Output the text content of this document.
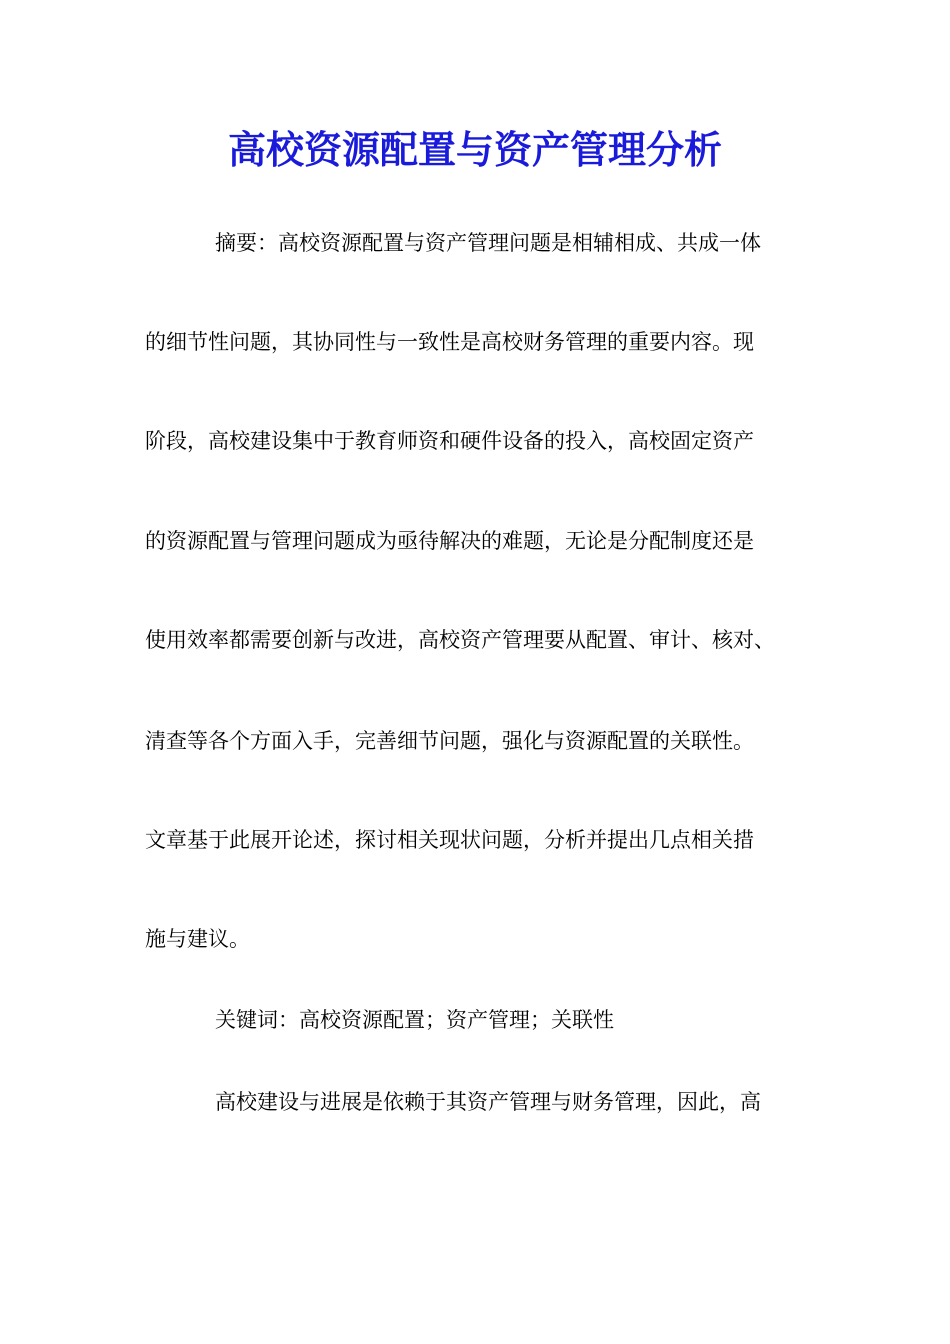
高校资源配置与资产管理分析
摘要：高校资源配置与资产管理问题是相辅相成、共成一体
的细节性问题，其协同性与一致性是高校财务管理的重要内容。现
阶段，高校建设集中于教育师资和硬件设备的投入，高校固定资产
的资源配置与管理问题成为亟待解决的难题，无论是分配制度还是
使用效率都需要创新与改进，高校资产管理要从配置、审计、核对、
清查等各个方面入手，完善细节问题，强化与资源配置的关联性。
文章基于此展开论述，探讨相关现状问题，分析并提出几点相关措
施与建议。
关键词：高校资源配置；资产管理；关联性
高校建设与进展是依赖于其资产管理与财务管理，因此，高
